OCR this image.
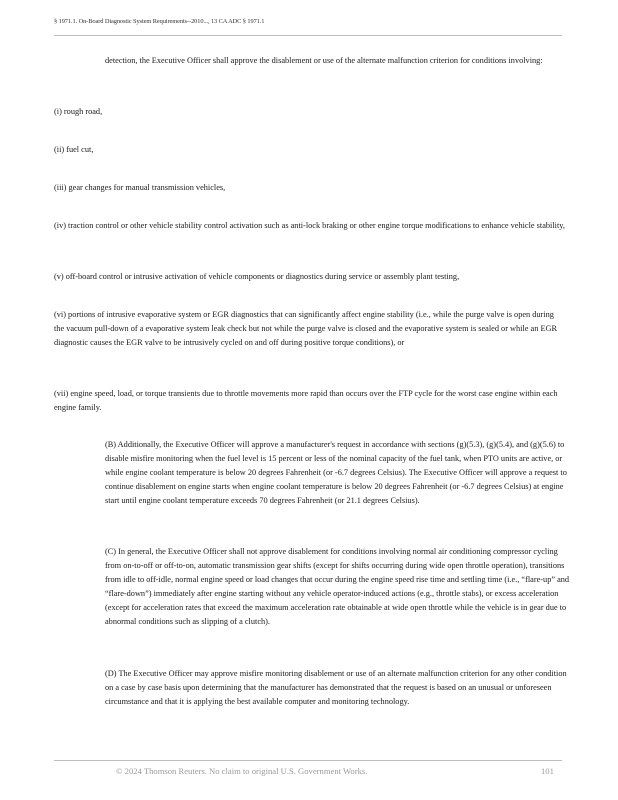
§ 1971.1. On-Board Diagnostic System Requirements--2010..., 13 CA ADC § 1971.1

detection, the Executive Officer shall approve the disablement or use of the alternate malfunction criterion for conditions involving:

(i) rough road,

(ii) fuel cut,

(iii) gear changes for manual transmission vehicles,

(iv) traction control or other vehicle stability control activation such as anti-lock braking or other engine torque modifications to enhance vehicle stability,

(v) off-board control or intrusive activation of vehicle components or diagnostics during service or assembly plant testing,

(vi) portions of intrusive evaporative system or EGR diagnostics that can significantly affect engine stability (i.e., while the purge valve is open during the vacuum pull-down of a evaporative system leak check but not while the purge valve is closed and the evaporative system is sealed or while an EGR diagnostic causes the EGR valve to be intrusively cycled on and off during positive torque conditions), or

(vii) engine speed, load, or torque transients due to throttle movements more rapid than occurs over the FTP cycle for the worst case engine within each engine family.

(B) Additionally, the Executive Officer will approve a manufacturer's request in accordance with sections (g)(5.3), (g)(5.4), and (g)(5.6) to disable misfire monitoring when the fuel level is 15 percent or less of the nominal capacity of the fuel tank, when PTO units are active, or while engine coolant temperature is below 20 degrees Fahrenheit (or -6.7 degrees Celsius). The Executive Officer will approve a request to continue disablement on engine starts when engine coolant temperature is below 20 degrees Fahrenheit (or -6.7 degrees Celsius) at engine start until engine coolant temperature exceeds 70 degrees Fahrenheit (or 21.1 degrees Celsius).

(C) In general, the Executive Officer shall not approve disablement for conditions involving normal air conditioning compressor cycling from on-to-off or off-to-on, automatic transmission gear shifts (except for shifts occurring during wide open throttle operation), transitions from idle to off-idle, normal engine speed or load changes that occur during the engine speed rise time and settling time (i.e., “flare-up” and “flare-down”) immediately after engine starting without any vehicle operator-induced actions (e.g., throttle stabs), or excess acceleration (except for acceleration rates that exceed the maximum acceleration rate obtainable at wide open throttle while the vehicle is in gear due to abnormal conditions such as slipping of a clutch).

(D) The Executive Officer may approve misfire monitoring disablement or use of an alternate malfunction criterion for any other condition on a case by case basis upon determining that the manufacturer has demonstrated that the request is based on an unusual or unforeseen circumstance and that it is applying the best available computer and monitoring technology.

© 2024 Thomson Reuters. No claim to original U.S. Government Works.	101
